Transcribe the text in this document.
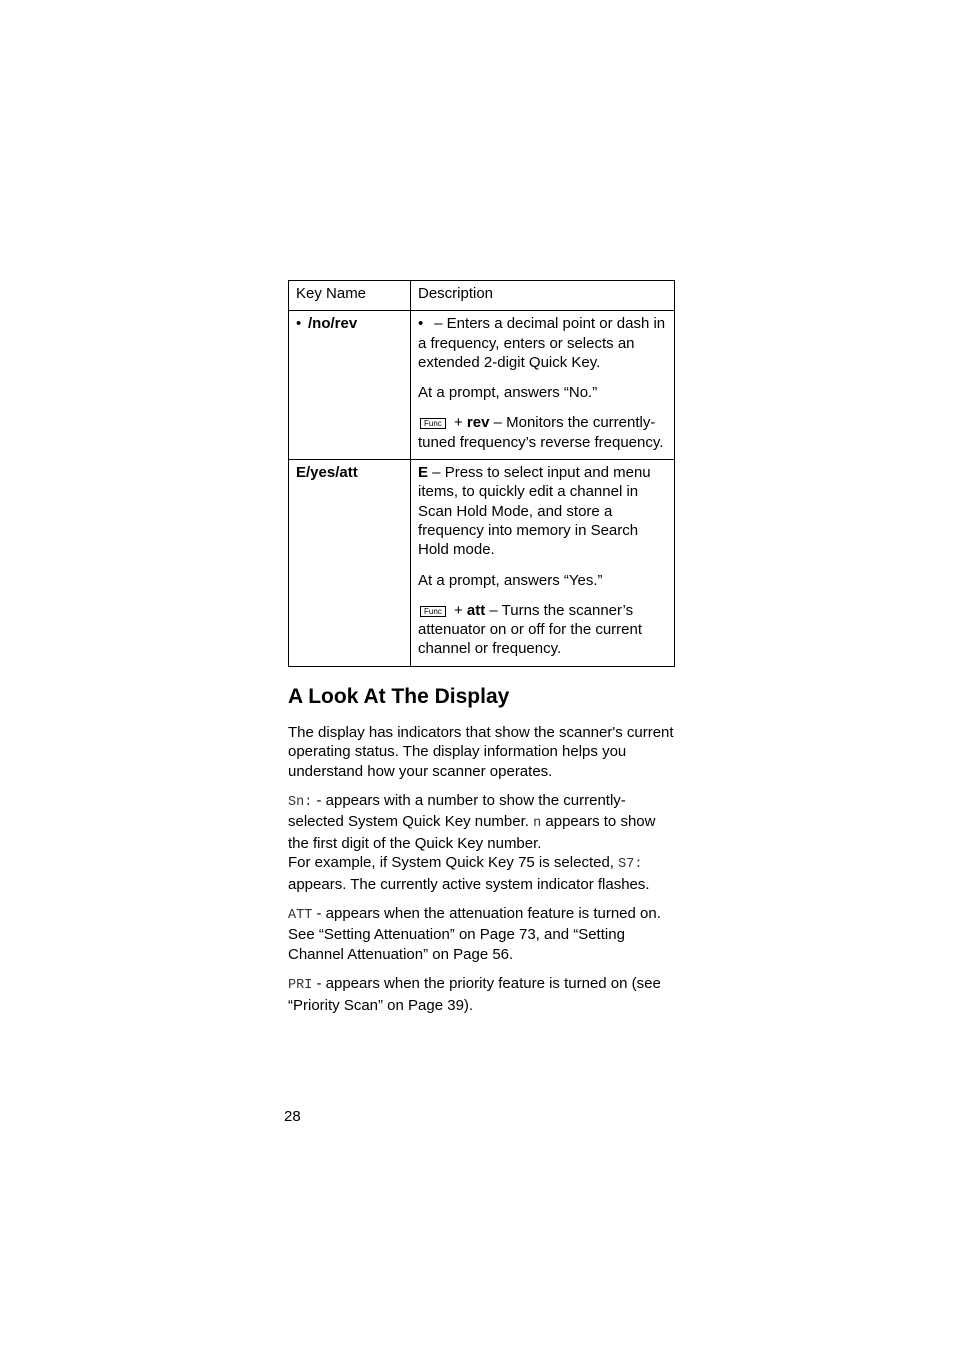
Key Name	Description
• /no/rev	• – Enters a decimal point or dash in a frequency, enters or selects an extended 2-digit Quick Key.

At a prompt, answers “No.”

Func + rev – Monitors the currently-tuned frequency’s reverse frequency.

E/yes/att	E – Press to select input and menu items, to quickly edit a channel in Scan Hold Mode, and store a frequency into memory in Search Hold mode.

At a prompt, answers “Yes.”

Func + att – Turns the scanner’s attenuator on or off for the current channel or frequency.

A Look At The Display

The display has indicators that show the scanner's current operating status. The display information helps you understand how your scanner operates.

Sn: - appears with a number to show the currently-selected System Quick Key number. n appears to show the first digit of the Quick Key number.
For example, if System Quick Key 75 is selected, S7:
appears. The currently active system indicator flashes.

ATT - appears when the attenuation feature is turned on. See “Setting Attenuation” on Page 73, and “Setting Channel Attenuation” on Page 56.

PRI - appears when the priority feature is turned on (see “Priority Scan” on Page 39).

28
